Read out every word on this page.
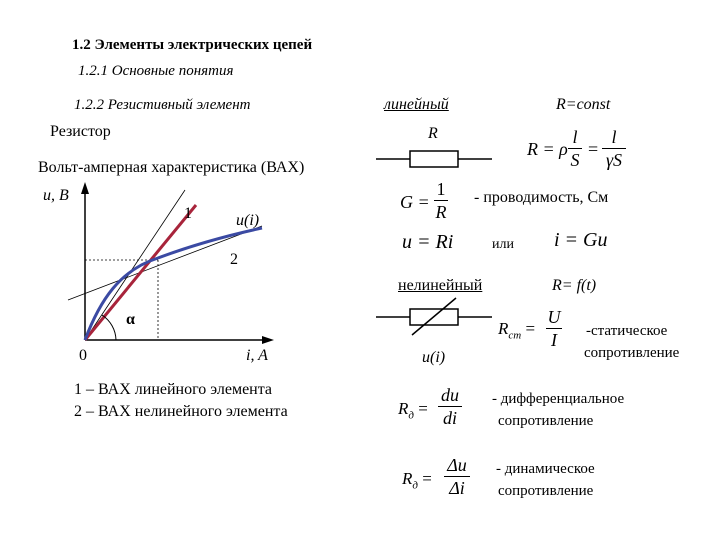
1.2 Элементы электрических цепей
1.2.1 Основные понятия
1.2.2 Резистивный элемент
Резистор
Вольт-амперная характеристика (ВАХ)
u, B
i, A
0
1
2
u(i)
α
1 – ВАХ линейного элемента
2 – ВАХ нелинейного элемента
линейный	R=const
R
R = ρ
l
S
=
l
γS
G =
1
R
- проводимость, См
u = Ri	или i = Gu
нелинейный	R= f(t)
u(i)
$R_{ст}$ =
U
I -статическое
сопротивление
$R_д$ =
du
di
- дифференциальное
сопротивление
$R_д$ =
Δu
Δi
- динамическое
сопротивление
